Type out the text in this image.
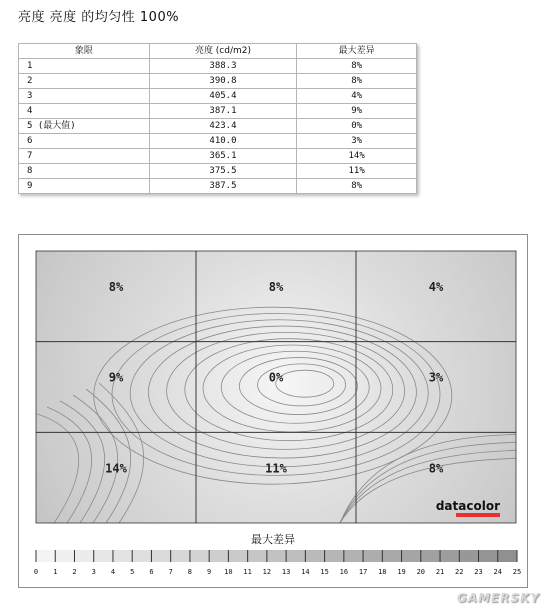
亮度 亮度 的均匀性 100%
象限	亮度 (cd/m2)	最大差异
1	388.3	8%
2	390.8	8%
3	405.4	4%
4	387.1	9%
5 (最大值)	423.4	0%
6	410.0	3%
7	365.1	14%
8	375.5	11%
9	387.5	8%
8%	8%	4%
9%	0%	3%
14%	11%	8%
datacolor
最大差异
0 1 2 3 4 5 6 7 8 9 10 11 12 13 14 15 16 17 18 19 20 21 22 23 24 25
GAMERSKY
